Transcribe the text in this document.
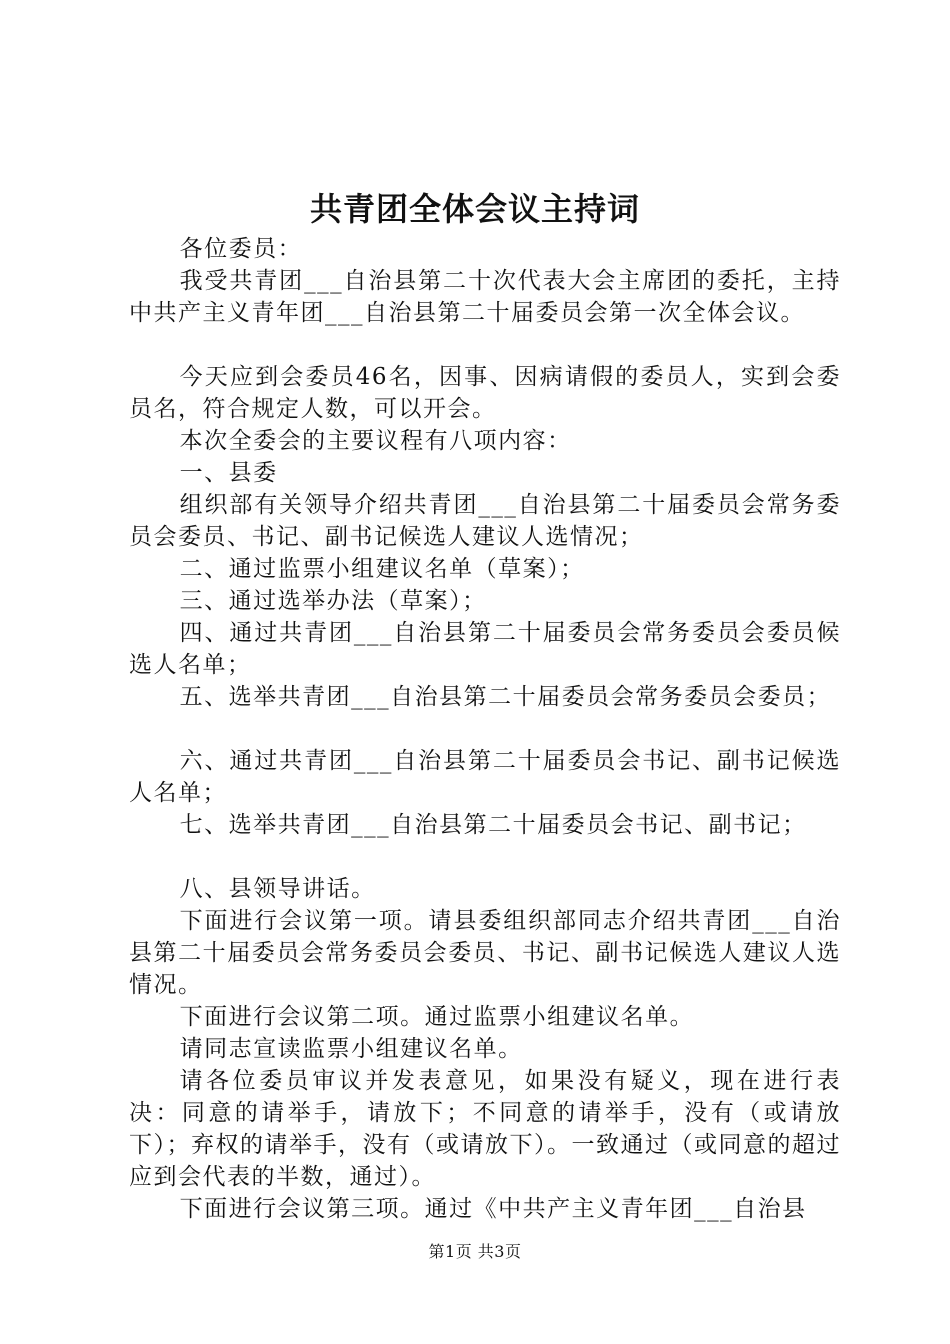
共青团全体会议主持词

各位委员：

我受共青团___自治县第二十次代表大会主席团的委托，主持中共产主义青年团___自治县第二十届委员会第一次全体会议。

今天应到会委员46名，因事、因病请假的委员人，实到会委员名，符合规定人数，可以开会。

本次全委会的主要议程有八项内容：

一、县委

组织部有关领导介绍共青团___自治县第二十届委员会常务委员会委员、书记、副书记候选人建议人选情况；

二、通过监票小组建议名单（草案）；

三、通过选举办法（草案）；

四、通过共青团___自治县第二十届委员会常务委员会委员候选人名单；

五、选举共青团___自治县第二十届委员会常务委员会委员；

六、通过共青团___自治县第二十届委员会书记、副书记候选人名单；

七、选举共青团___自治县第二十届委员会书记、副书记；

八、县领导讲话。

下面进行会议第一项。请县委组织部同志介绍共青团___自治县第二十届委员会常务委员会委员、书记、副书记候选人建议人选情况。

下面进行会议第二项。通过监票小组建议名单。

请同志宣读监票小组建议名单。

请各位委员审议并发表意见，如果没有疑义，现在进行表决：同意的请举手，请放下；不同意的请举手，没有（或请放下）；弃权的请举手，没有（或请放下）。一致通过（或同意的超过应到会代表的半数，通过）。

下面进行会议第三项。通过《中共产主义青年团___自治县

第1页 共3页
